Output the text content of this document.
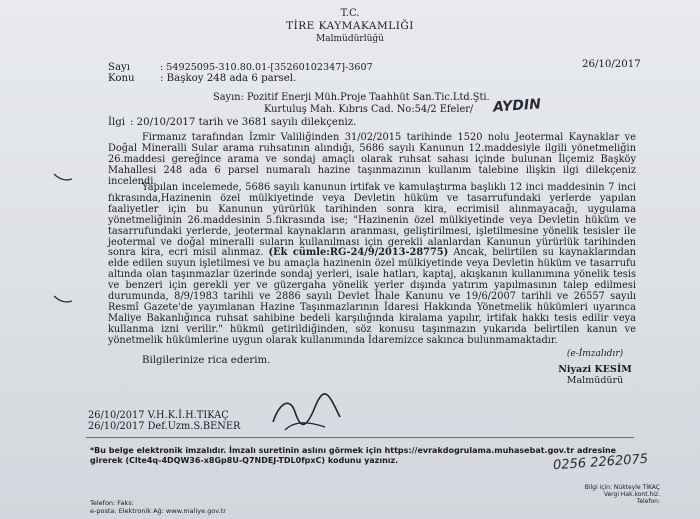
T.C.
TİRE KAYMAKAMLIĞI
Malmüdürlüğü
Sayı	: 54925095-310.80.01-[35260102347]-3607	26/10/2017
Konu : Başkoy 248 ada 6 parsel.
Sayın: Pozitif Enerji Müh.Proje Taahhüt San.Tic.Ltd.Şti.
Kurtuluş Mah. Kıbrıs Cad. No:54/2 Efeler/ AYDIN
İlgi : 20/10/2017 tarih ve 3681 sayılı dilekçeniz.
Firmanız tarafından İzmir Valiliğinden 31/02/2015 tarihinde 1520 nolu Jeotermal Kaynaklar ve Doğal Mineralli Sular arama ruhsatının alındığı, 5686 sayılı Kanunun 12.maddesiyle ilgili yönetmeliğin 26.maddesi gereğince arama ve sondaj amaçlı olarak ruhsat sahası içinde bulunan İlçemiz Başköy Mahallesi 248 ada 6 parsel numaralı hazine taşınmazının kullanım talebine ilişkin ilgi dilekçeniz incelendi.
Yapılan incelemede, 5686 sayılı kanunun irtifak ve kamulaştırma başlıklı 12 inci maddesinin 7 inci fıkrasında,Hazinenin özel mülkiyetinde veya Devletin hüküm ve tasarrufundaki yerlerde yapılan faaliyetler için bu Kanunun yürürlük tarihinden sonra kira, ecrimisil alınmayacağı, uygulama yönetmeliğinin 26.maddesinin 5.fıkrasında ise; "Hazinenin özel mülkiyetinde veya Devletin hüküm ve tasarrufundaki yerlerde, jeotermal kaynakların aranması, geliştirilmesi, işletilmesine yönelik tesisler ile jeotermal ve doğal mineralli suların kullanılması için gerekli alanlardan Kanunun yürürlük tarihinden sonra kira, ecri misil alınmaz. (Ek cümle:RG-24/9/2013-28775) Ancak, belirtilen su kaynaklarından elde edilen suyun işletilmesi ve bu amaçla hazinenin özel mülkiyetinde veya Devletin hüküm ve tasarrufu altında olan taşınmazlar üzerinde sondaj yerleri, isale hatları, kaptaj, akışkanın kullanımına yönelik tesis ve benzeri için gerekli yer ve güzergaha yönelik yerler dışında yatırım yapılmasının talep edilmesi durumunda, 8/9/1983 tarihli ve 2886 sayılı Devlet İhale Kanunu ve 19/6/2007 tarihli ve 26557 sayılı Resmî Gazete'de yayımlanan Hazine Taşınmazlarının İdaresi Hakkında Yönetmelik hükümleri uyarınca Maliye Bakanlığınca ruhsat sahibine bedeli karşılığında kiralama yapılır, irtifak hakkı tesis edilir veya kullanma izni verilir." hükmü getirildiğinden, söz konusu taşınmazın yukarıda belirtilen kanun ve yönetmelik hükümlerine uygun olarak kullanımında İdaremizce sakınca bulunmamaktadır.
Bilgilerinize rica ederim.
(e-İmzalıdır)
Niyazi KESİM
Malmüdürü
26/10/2017 V.H.K.İ.H.TIKAÇ
26/10/2017 Def.Uzm.S.BENER
*Bu belge elektronik imzalıdır. İmzalı suretinin aslını görmek için https://evrakdogrulama.muhasebat.gov.tr adresine girerek (Clte4q-4DQW36-x8Gp8U-Q7NDEJ-TDL0fpxC) kodunu yazınız.	0256 2262075
Bilgi için: Nükteyle TİKAÇ
Vergi Hak.kont.hiz.
Telefon:
Telefon: Faks:
e-posta: Elektronik Ağ: www.maliye.gov.tr
